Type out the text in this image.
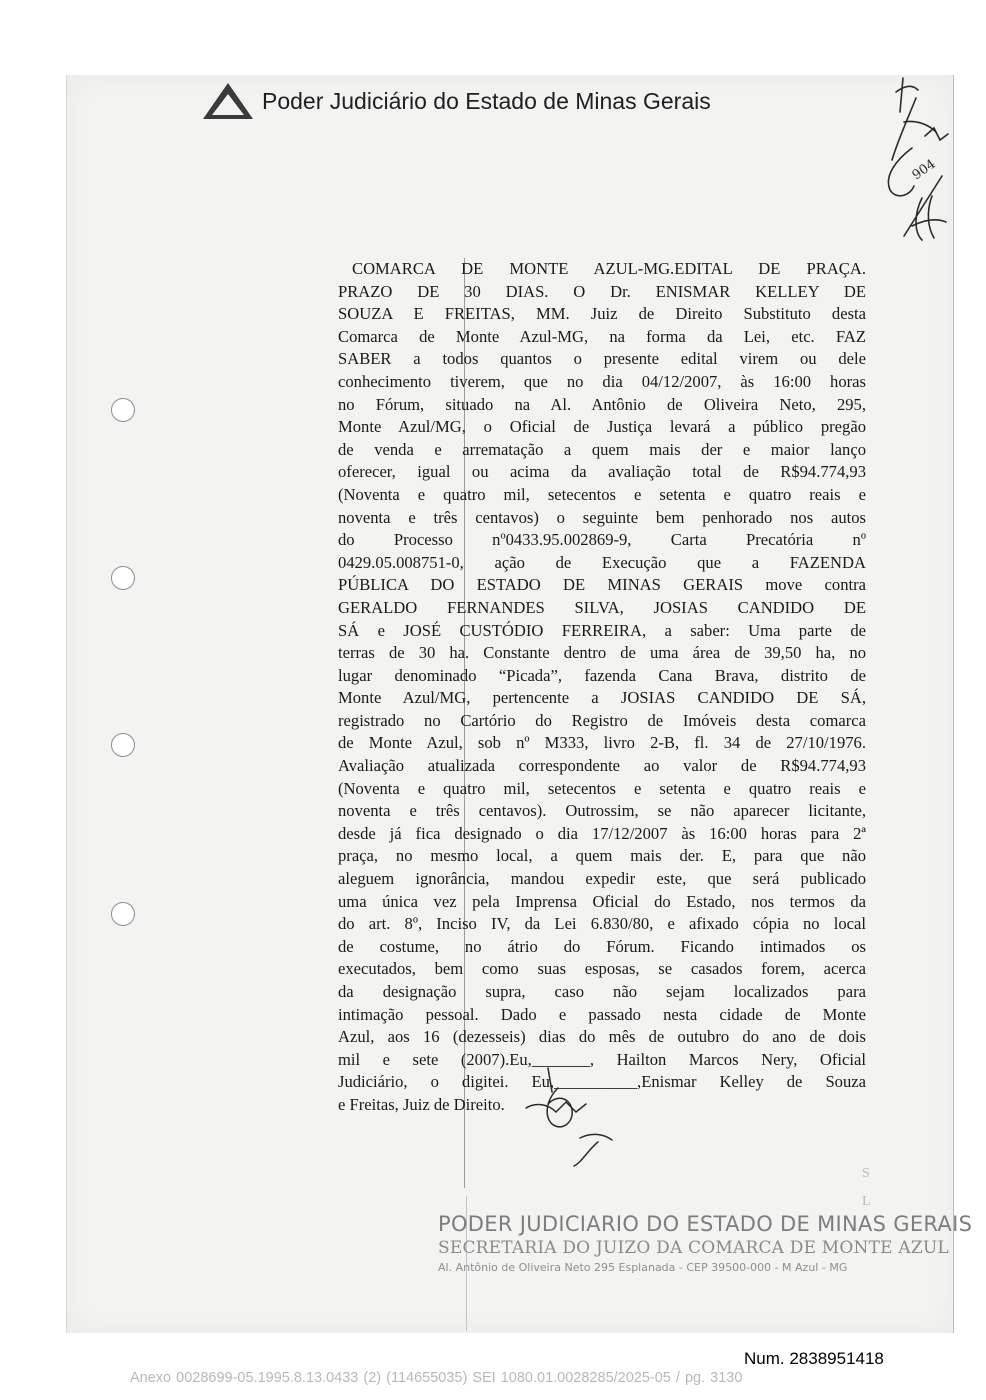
Poder Judiciário do Estado de Minas Gerais
COMARCA DE MONTE AZUL-MG.EDITAL DE PRAÇA.
PRAZO DE 30 DIAS. O Dr. ENISMAR KELLEY DE
SOUZA E FREITAS, MM. Juiz de Direito Substituto desta
Comarca de Monte Azul-MG, na forma da Lei, etc. FAZ
SABER a todos quantos o presente edital virem ou dele
conhecimento tiverem, que no dia 04/12/2007, às 16:00 horas
no Fórum, situado na Al. Antônio de Oliveira Neto, 295,
Monte Azul/MG, o Oficial de Justiça levará a público pregão
de venda e arrematação a quem mais der e maior lanço
oferecer, igual ou acima da avaliação total de R$94.774,93
(Noventa e quatro mil, setecentos e setenta e quatro reais e
noventa e três centavos) o seguinte bem penhorado nos autos
do Processo nº0433.95.002869-9, Carta Precatória nº
0429.05.008751-0, ação de Execução que a FAZENDA
PÚBLICA DO ESTADO DE MINAS GERAIS move contra
GERALDO FERNANDES SILVA, JOSIAS CANDIDO DE
SÁ e JOSÉ CUSTÓDIO FERREIRA, a saber: Uma parte de
terras de 30 ha. Constante dentro de uma área de 39,50 ha, no
lugar denominado “Picada”, fazenda Cana Brava, distrito de
Monte Azul/MG, pertencente a JOSIAS CANDIDO DE SÁ,
registrado no Cartório do Registro de Imóveis desta comarca
de Monte Azul, sob nº M333, livro 2-B, fl. 34 de 27/10/1976.
Avaliação atualizada correspondente ao valor de R$94.774,93
(Noventa e quatro mil, setecentos e setenta e quatro reais e
noventa e três centavos). Outrossim, se não aparecer licitante,
desde já fica designado o dia 17/12/2007 às 16:00 horas para 2ª
praça, no mesmo local, a quem mais der. E, para que não
aleguem ignorância, mandou expedir este, que será publicado
uma única vez pela Imprensa Oficial do Estado, nos termos da
do art. 8º, Inciso IV, da Lei 6.830/80, e afixado cópia no local
de costume, no átrio do Fórum. Ficando intimados os
executados, bem como suas esposas, se casados forem, acerca
da designação supra, caso não sejam localizados para
intimação pessoal. Dado e passado nesta cidade de Monte
Azul, aos 16 (dezesseis) dias do mês de outubro do ano de dois
mil e sete (2007).Eu,_______, Hailton Marcos Nery, Oficial
Judiciário, o digitei. Eu,__________,Enismar Kelley de Souza
e Freitas, Juiz de Direito.
904
S
L
PODER JUDICIARIO DO ESTADO DE MINAS GERAIS
SECRETARIA DO JUIZO DA COMARCA DE MONTE AZUL
Al. Antônio de Oliveira Neto 295 Esplanada - CEP 39500-000 - M Azul - MG
Num. 2838951418
Anexo 0028699-05.1995.8.13.0433 (2) (114655035) SEI 1080.01.0028285/2025-05 / pg. 3130
